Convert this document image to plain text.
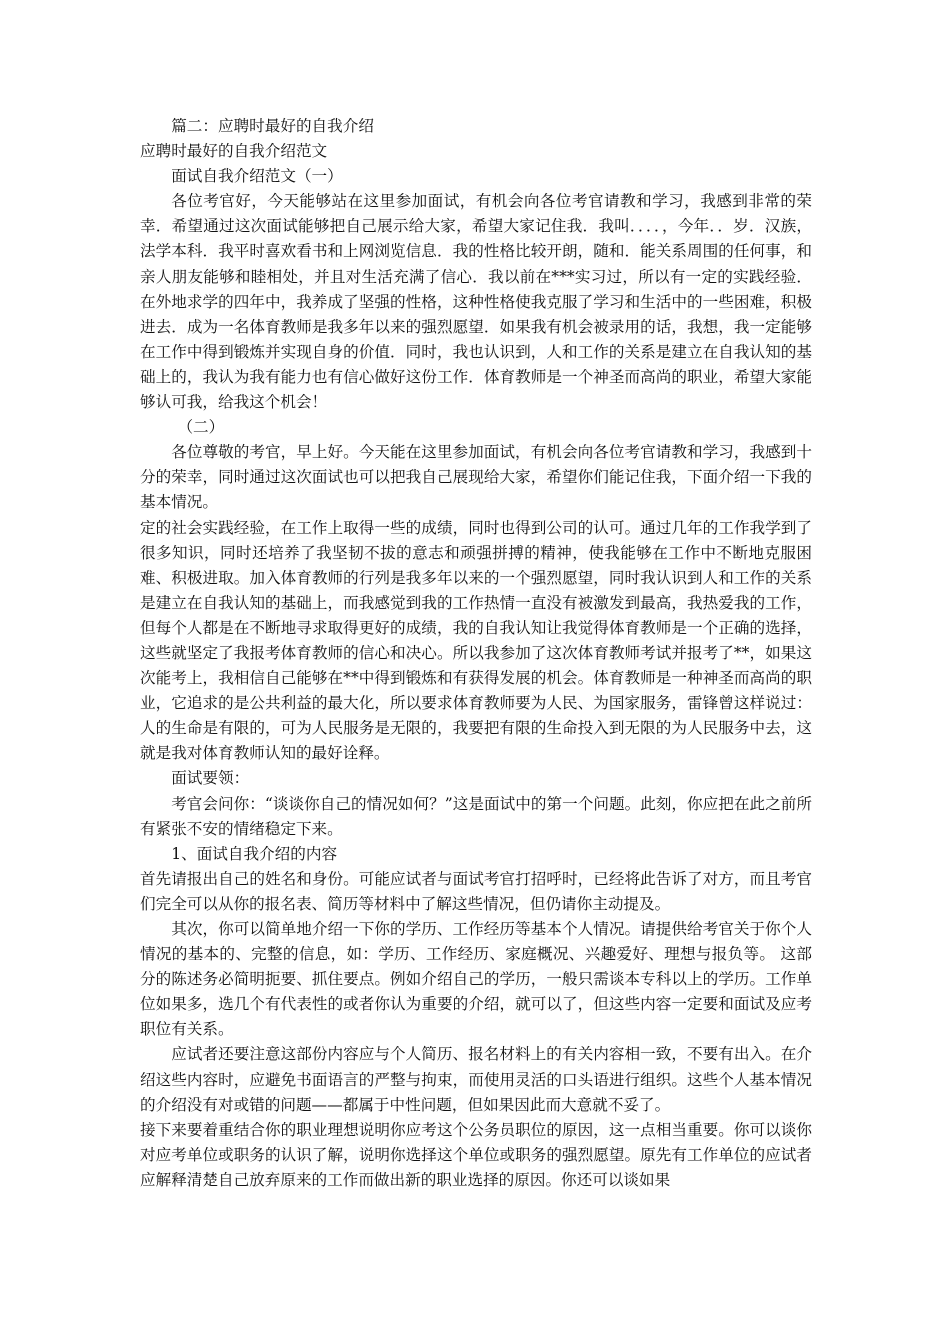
篇二：应聘时最好的自我介绍

应聘时最好的自我介绍范文

面试自我介绍范文（一）

各位考官好，今天能够站在这里参加面试，有机会向各位考官请教和学习，我感到非常的荣幸．希望通过这次面试能够把自己展示给大家，希望大家记住我．我叫．．．．，今年．．岁．汉族，法学本科．我平时喜欢看书和上网浏览信息．我的性格比较开朗，随和．能关系周围的任何事，和亲人朋友能够和睦相处，并且对生活充满了信心．我以前在***实习过，所以有一定的实践经验．在外地求学的四年中，我养成了坚强的性格，这种性格使我克服了学习和生活中的一些困难，积极进去．成为一名体育教师是我多年以来的强烈愿望．如果我有机会被录用的话，我想，我一定能够在工作中得到锻炼并实现自身的价值．同时，我也认识到，人和工作的关系是建立在自我认知的基础上的，我认为我有能力也有信心做好这份工作．体育教师是一个神圣而高尚的职业，希望大家能够认可我，给我这个机会！

（二）

各位尊敬的考官，早上好。今天能在这里参加面试，有机会向各位考官请教和学习，我感到十分的荣幸，同时通过这次面试也可以把我自己展现给大家，希望你们能记住我，下面介绍一下我的基本情况。

定的社会实践经验，在工作上取得一些的成绩，同时也得到公司的认可。通过几年的工作我学到了很多知识，同时还培养了我坚韧不拔的意志和顽强拼搏的精神，使我能够在工作中不断地克服困难、积极进取。加入体育教师的行列是我多年以来的一个强烈愿望，同时我认识到人和工作的关系是建立在自我认知的基础上，而我感觉到我的工作热情一直没有被激发到最高，我热爱我的工作，但每个人都是在不断地寻求取得更好的成绩，我的自我认知让我觉得体育教师是一个正确的选择，这些就坚定了我报考体育教师的信心和决心。所以我参加了这次体育教师考试并报考了**，如果这次能考上，我相信自己能够在**中得到锻炼和有获得发展的机会。体育教师是一种神圣而高尚的职业，它追求的是公共利益的最大化，所以要求体育教师要为人民、为国家服务，雷锋曾这样说过：人的生命是有限的，可为人民服务是无限的，我要把有限的生命投入到无限的为人民服务中去，这就是我对体育教师认知的最好诠释。

面试要领：

考官会问你：“谈谈你自己的情况如何？”这是面试中的第一个问题。此刻，你应把在此之前所有紧张不安的情绪稳定下来。

1、面试自我介绍的内容

首先请报出自己的姓名和身份。可能应试者与面试考官打招呼时，已经将此告诉了对方，而且考官们完全可以从你的报名表、简历等材料中了解这些情况，但仍请你主动提及。

其次，你可以简单地介绍一下你的学历、工作经历等基本个人情况。请提供给考官关于你个人情况的基本的、完整的信息，如：学历、工作经历、家庭概况、兴趣爱好、理想与报负等。 这部分的陈述务必简明扼要、抓住要点。例如介绍自己的学历，一般只需谈本专科以上的学历。工作单位如果多，选几个有代表性的或者你认为重要的介绍，就可以了，但这些内容一定要和面试及应考职位有关系。

应试者还要注意这部份内容应与个人简历、报名材料上的有关内容相一致，不要有出入。在介绍这些内容时，应避免书面语言的严整与拘束，而使用灵活的口头语进行组织。这些个人基本情况的介绍没有对或错的问题——都属于中性问题，但如果因此而大意就不妥了。

接下来要着重结合你的职业理想说明你应考这个公务员职位的原因，这一点相当重要。你可以谈你对应考单位或职务的认识了解，说明你选择这个单位或职务的强烈愿望。原先有工作单位的应试者应解释清楚自己放弃原来的工作而做出新的职业选择的原因。你还可以谈如果
